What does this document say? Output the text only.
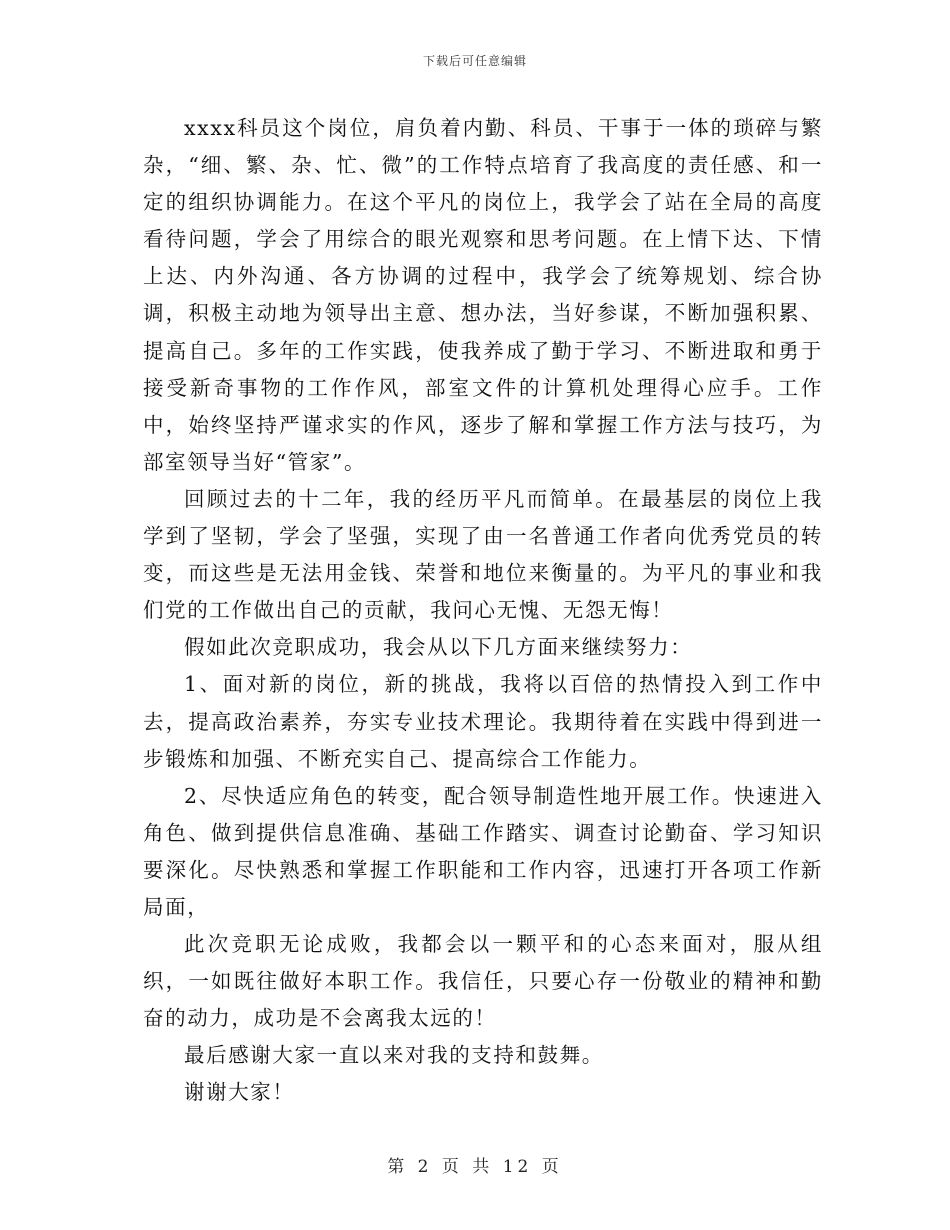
下载后可任意编辑

xxxx科员这个岗位，肩负着内勤、科员、干事于一体的琐碎与繁杂，“细、繁、杂、忙、微”的工作特点培育了我高度的责任感、和一定的组织协调能力。在这个平凡的岗位上，我学会了站在全局的高度看待问题，学会了用综合的眼光观察和思考问题。在上情下达、下情上达、内外沟通、各方协调的过程中，我学会了统筹规划、综合协调，积极主动地为领导出主意、想办法，当好参谋，不断加强积累、提高自己。多年的工作实践，使我养成了勤于学习、不断进取和勇于接受新奇事物的工作作风，部室文件的计算机处理得心应手。工作中，始终坚持严谨求实的作风，逐步了解和掌握工作方法与技巧，为部室领导当好“管家”。

回顾过去的十二年，我的经历平凡而简单。在最基层的岗位上我学到了坚韧，学会了坚强，实现了由一名普通工作者向优秀党员的转变，而这些是无法用金钱、荣誉和地位来衡量的。为平凡的事业和我们党的工作做出自己的贡献，我问心无愧、无怨无悔！

假如此次竞职成功，我会从以下几方面来继续努力：

1、面对新的岗位，新的挑战，我将以百倍的热情投入到工作中去，提高政治素养，夯实专业技术理论。我期待着在实践中得到进一步锻炼和加强、不断充实自己、提高综合工作能力。

2、尽快适应角色的转变，配合领导制造性地开展工作。快速进入角色、做到提供信息准确、基础工作踏实、调查讨论勤奋、学习知识要深化。尽快熟悉和掌握工作职能和工作内容，迅速打开各项工作新局面，

此次竞职无论成败，我都会以一颗平和的心态来面对，服从组织，一如既往做好本职工作。我信任，只要心存一份敬业的精神和勤奋的动力，成功是不会离我太远的！

最后感谢大家一直以来对我的支持和鼓舞。

谢谢大家！

第 2 页 共 12 页
